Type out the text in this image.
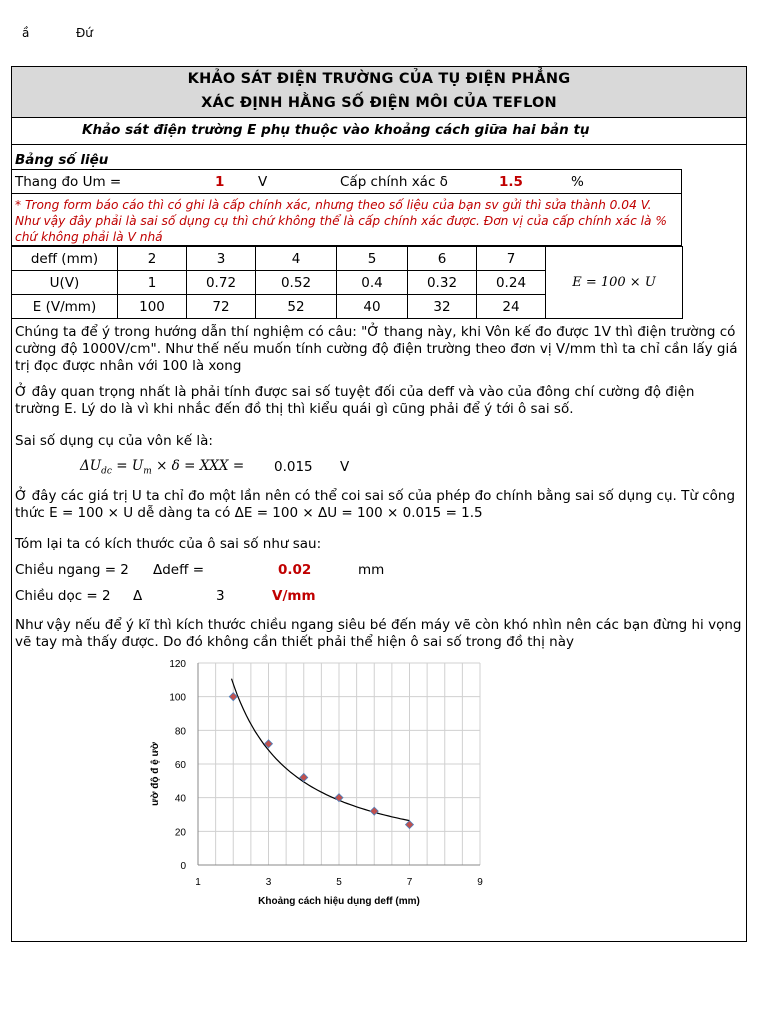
ầ	Đứ
KHẢO SÁT ĐIỆN TRƯỜNG CỦA TỤ ĐIỆN PHẲNG
XÁC ĐỊNH HẰNG SỐ ĐIỆN MÔI CỦA TEFLON
Khảo sát điện trường E phụ thuộc vào khoảng cách giữa hai bản tụ
Bảng số liệu
Thang đo Um =	1 V	Cấp chính xác δ	1.5	%
* Trong form báo cáo thì có ghi là cấp chính xác, nhưng theo số liệu của bạn sv gửi thì sửa thành 0.04 V. Như vậy đây phải là sai số dụng cụ thì chứ không thể là cấp chính xác được. Đơn vị của cấp chính xác là % chứ không phải là V nhá
deff (mm)	2	3	4	5	6	7	E = 100 × U
U(V)	1	0.72	0.52	0.4	0.32	0.24	
E (V/mm)	100	72	52	40	32	24	
Chúng ta để ý trong hướng dẫn thí nghiệm có câu: "Ở thang này, khi Vôn kế đo được 1V thì điện trường có cường độ 1000V/cm". Như thế nếu muốn tính cường độ điện trường theo đơn vị V/mm thì ta chỉ cần lấy giá trị đọc được nhân với 100 là xong
Ở đây quan trọng nhất là phải tính được sai số tuyệt đối của deff và vào của đông chí cường độ điện trường E. Lý do là vì khi nhắc đến đồ thị thì kiểu quái gì cũng phải để ý tới ô sai số.
Sai số dụng cụ của vôn kế là:
$\Delta U_{dc} = U_m \times \delta$ = XXX = 0.015 V
Ở đây các giá trị U ta chỉ đo một lần nên có thể coi sai số của phép đo chính bằng sai số dụng cụ. Từ công thức E = 100 × U dễ dàng ta có ΔE = 100 × ΔU = 100 × 0.015 = 1.5
Tóm lại ta có kích thước của ô sai số như sau:
Chiều ngang = 2 Δdeff =	0.02	mm
Chiều dọc = 2 Δ	3	V/mm
Như vậy nếu để ý kĩ thì kích thước chiều ngang siêu bé đến máy vẽ còn khó nhìn nên các bạn đừng hi vọng vẽ tay mà thấy được. Do đó không cần thiết phải thể hiện ô sai số trong đồ thị này
0
20
40
60
80
100
120
1	3	5	7	9
Khoảng cách hiệu dụng deff (mm)
ườ độ đ ệ ườ
